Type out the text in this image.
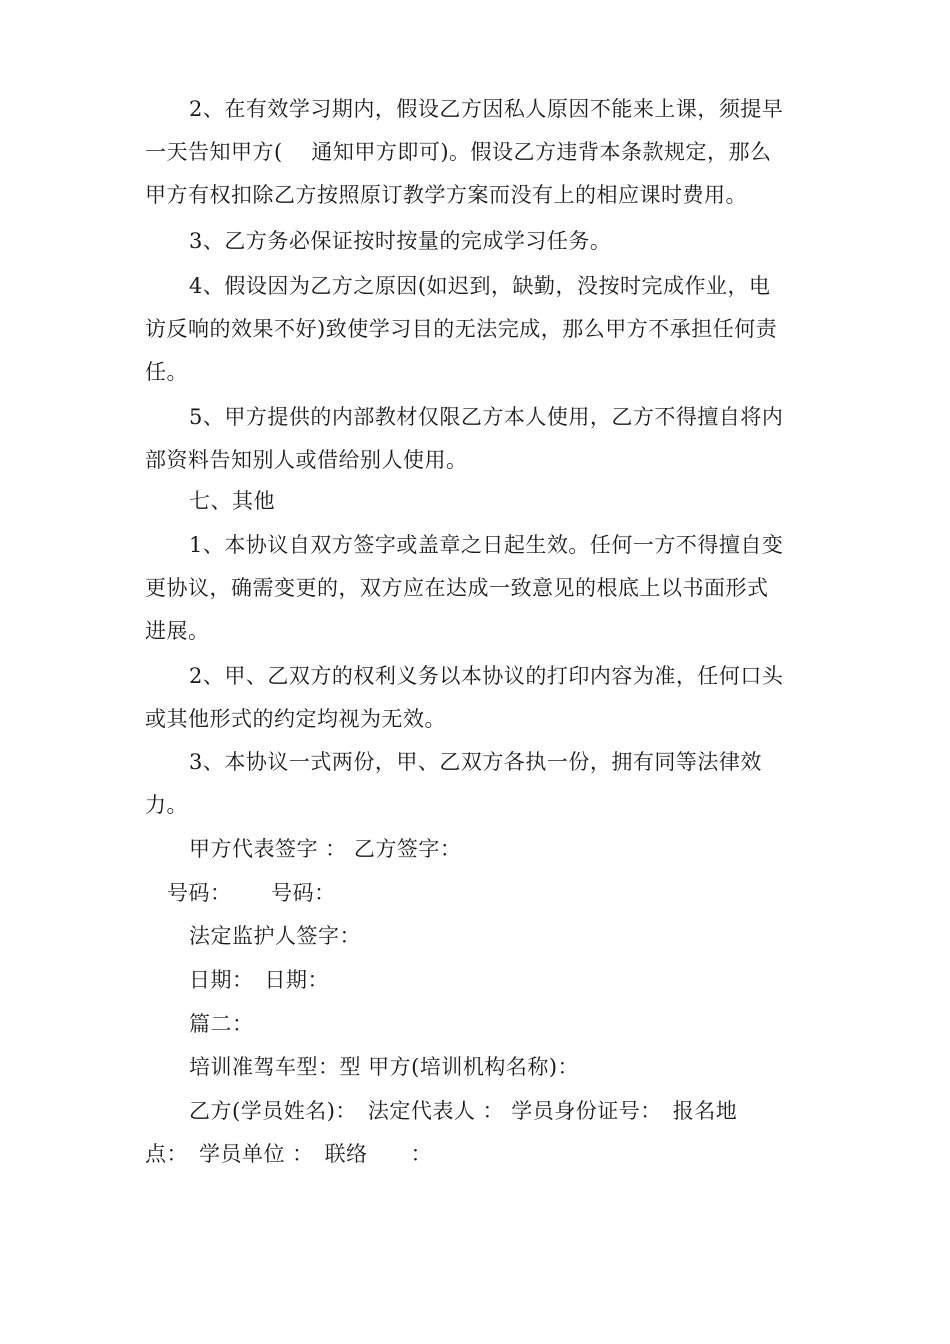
2、在有效学习期内，假设乙方因私人原因不能来上课，须提早
一天告知甲方(　 通知甲方即可)。假设乙方违背本条款规定，那么
甲方有权扣除乙方按照原订教学方案而没有上的相应课时费用。
3、乙方务必保证按时按量的完成学习任务。
4、假设因为乙方之原因(如迟到，缺勤，没按时完成作业，电
访反响的效果不好)致使学习目的无法完成，那么甲方不承担任何责
任。
5、甲方提供的内部教材仅限乙方本人使用，乙方不得擅自将内
部资料告知别人或借给别人使用。
七、其他
1、本协议自双方签字或盖章之日起生效。任何一方不得擅自变
更协议，确需变更的，双方应在达成一致意见的根底上以书面形式
进展。
2、甲、乙双方的权利义务以本协议的打印内容为准，任何口头
或其他形式的约定均视为无效。
3、本协议一式两份，甲、乙双方各执一份，拥有同等法律效
力。
甲方代表签字 ： 乙方签字：
号码：　　 号码：
法定监护人签字：
日期：　日期：
篇二：
培训准驾车型：型 甲方(培训机构名称)：
乙方(学员姓名)：　法定代表人 ： 学员身份证号：　报名地
点：　学员单位 ：　联络　　：
